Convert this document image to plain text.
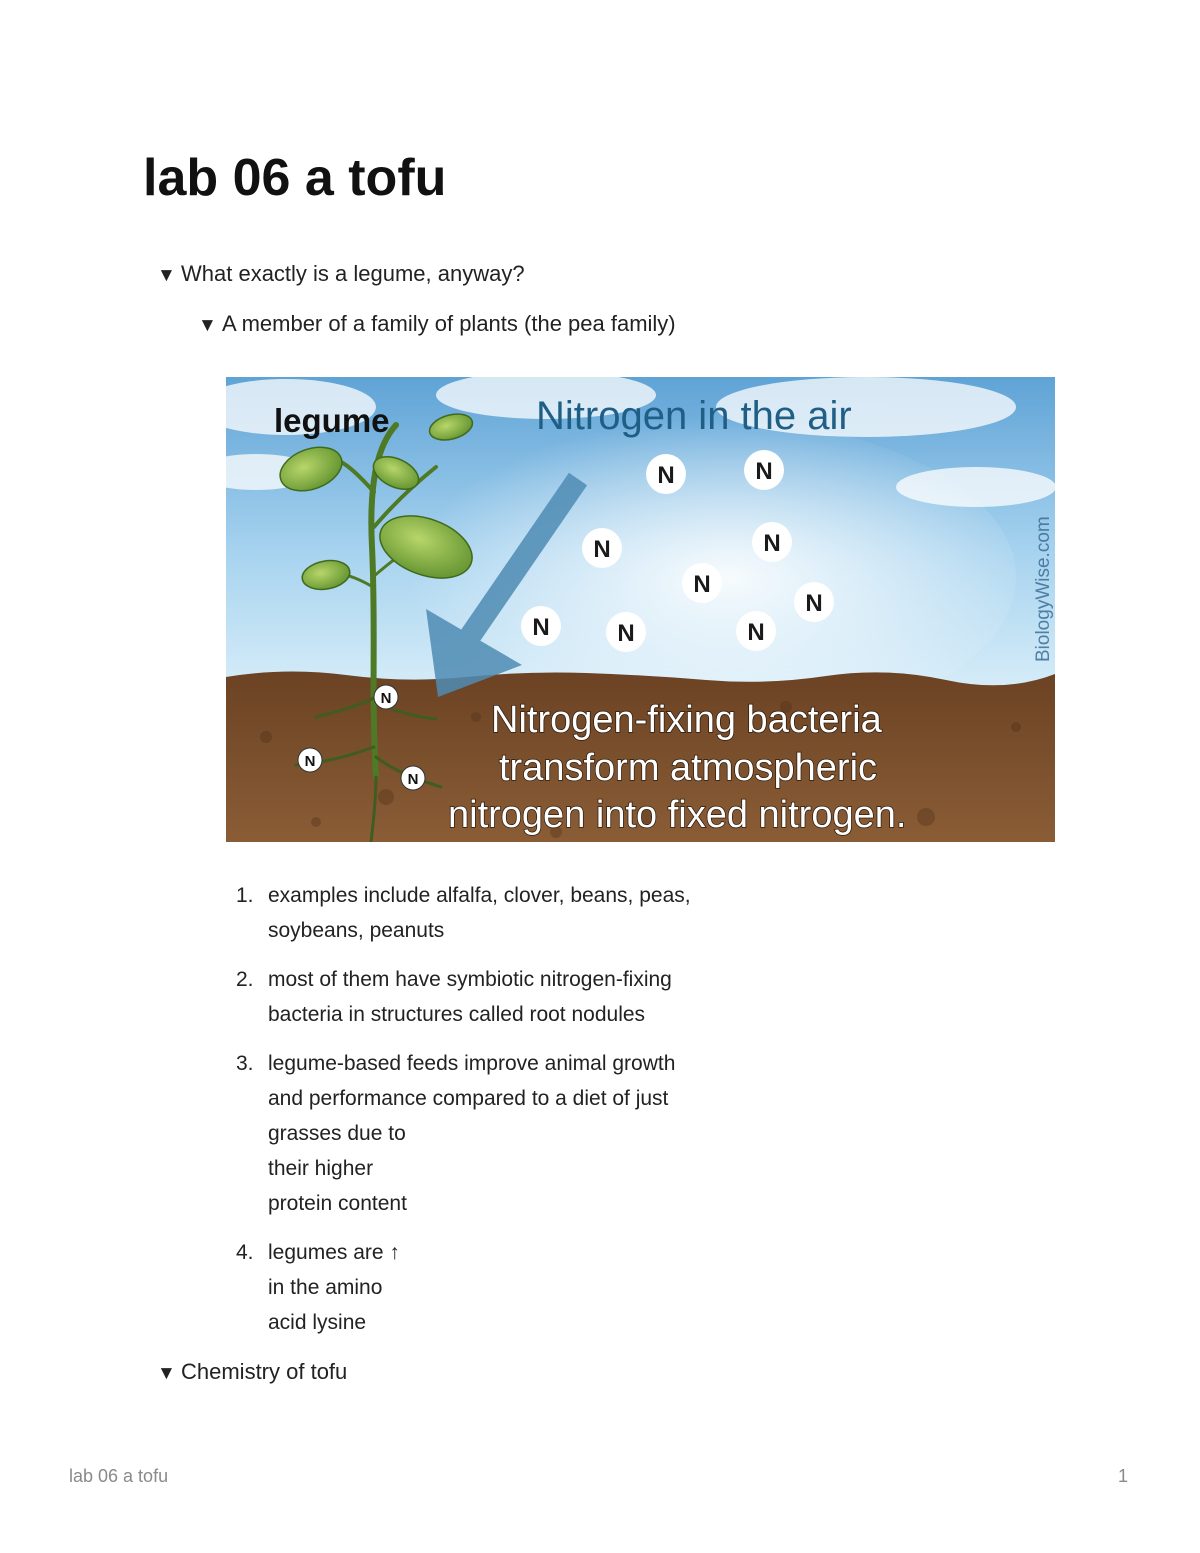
lab 06 a tofu
▼ What exactly is a legume, anyway?
▼ A member of a family of plants (the pea family)
legume	Nitrogen in the air
BiologyWise.com
N	N
N	N
N
N
N	N	N
N
N
N
Nitrogen-fixing bacteria
transform atmospheric
nitrogen into fixed nitrogen.
1. examples include alfalfa, clover, beans, peas,
soybeans, peanuts
2. most of them have symbiotic nitrogen-fixing
bacteria in structures called root nodules
3. legume-based feeds improve animal growth
and performance compared to a diet of just
grasses due to
their higher
protein content
4. legumes are ↑
in the amino
acid lysine
▼ Chemistry of tofu
lab 06 a tofu	1
